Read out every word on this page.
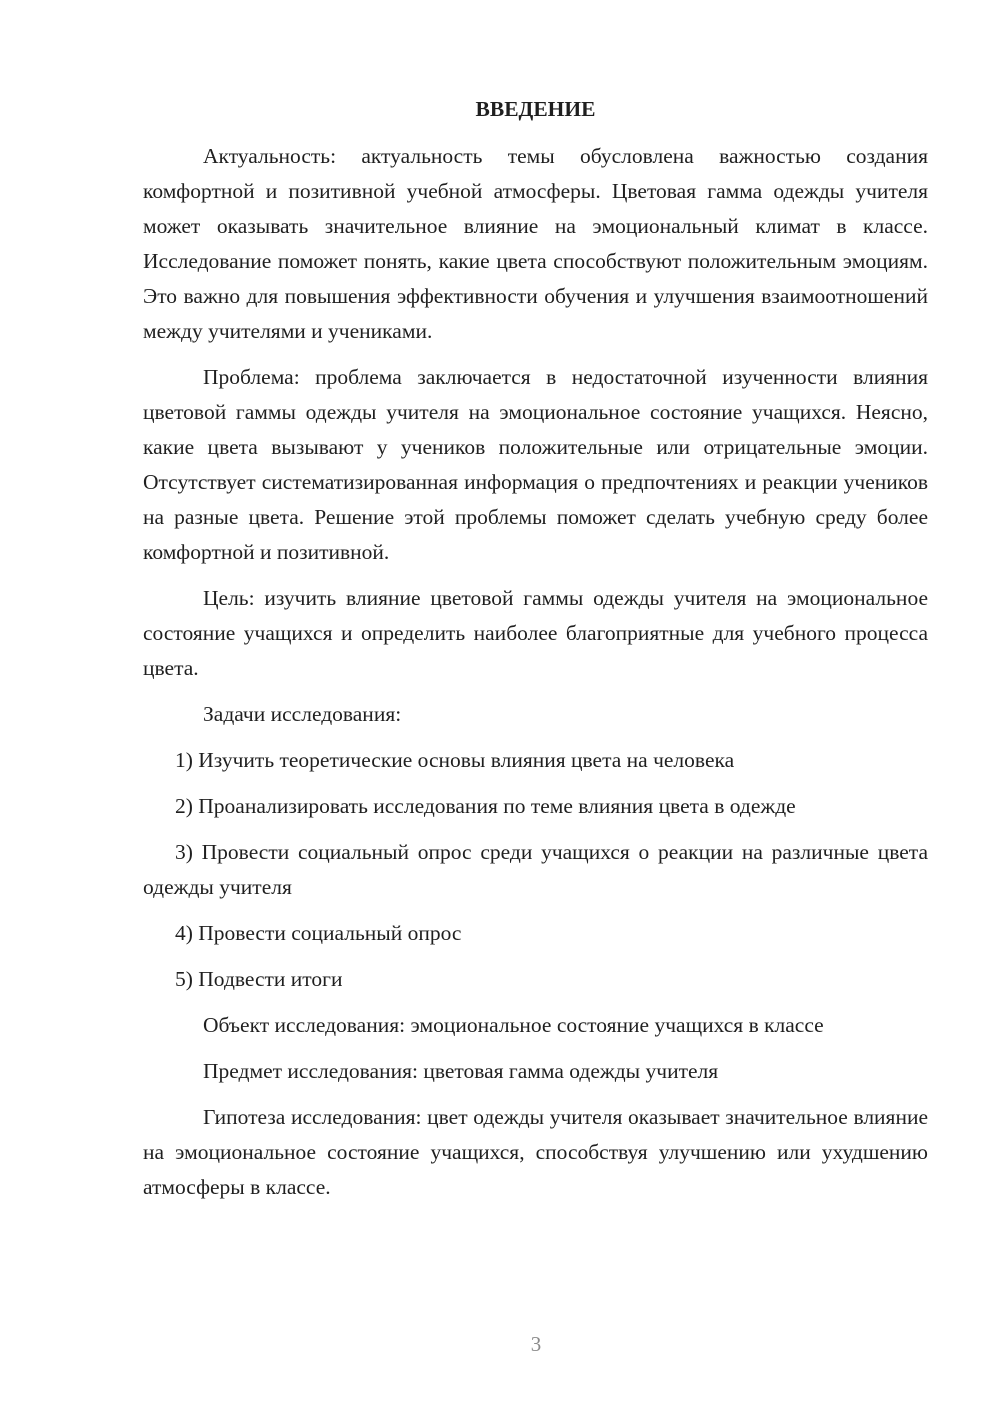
ВВЕДЕНИЕ

Актуальность: актуальность темы обусловлена важностью создания комфортной и позитивной учебной атмосферы. Цветовая гамма одежды учителя может оказывать значительное влияние на эмоциональный климат в классе. Исследование поможет понять, какие цвета способствуют положительным эмоциям. Это важно для повышения эффективности обучения и улучшения взаимоотношений между учителями и учениками.

Проблема: проблема заключается в недостаточной изученности влияния цветовой гаммы одежды учителя на эмоциональное состояние учащихся. Неясно, какие цвета вызывают у учеников положительные или отрицательные эмоции. Отсутствует систематизированная информация о предпочтениях и реакции учеников на разные цвета. Решение этой проблемы поможет сделать учебную среду более комфортной и позитивной.

Цель: изучить влияние цветовой гаммы одежды учителя на эмоциональное состояние учащихся и определить наиболее благоприятные для учебного процесса цвета.

Задачи исследования:

1) Изучить теоретические основы влияния цвета на человека

2) Проанализировать исследования по теме влияния цвета в одежде

3) Провести социальный опрос среди учащихся о реакции на различные цвета одежды учителя

4) Провести социальный опрос

5) Подвести итоги

Объект исследования: эмоциональное состояние учащихся в классе

Предмет исследования: цветовая гамма одежды учителя

Гипотеза исследования: цвет одежды учителя оказывает значительное влияние на эмоциональное состояние учащихся, способствуя улучшению или ухудшению атмосферы в классе.

3
